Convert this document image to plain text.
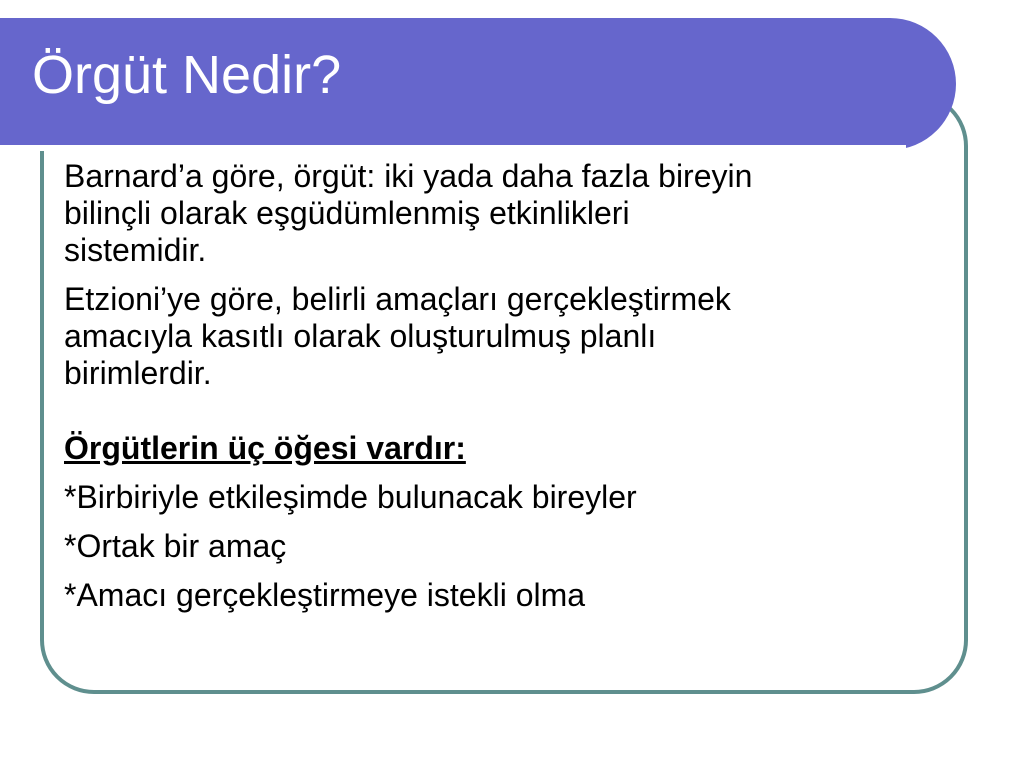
Örgüt Nedir?

Barnard’a göre, örgüt: iki yada daha fazla bireyin
bilinçli olarak eşgüdümlenmiş etkinlikleri
sistemidir.

Etzioni’ye göre, belirli amaçları gerçekleştirmek
amacıyla kasıtlı olarak oluşturulmuş planlı
birimlerdir.

Örgütlerin üç öğesi vardır:

*Birbiriyle etkileşimde bulunacak bireyler

*Ortak bir amaç

*Amacı gerçekleştirmeye istekli olma
